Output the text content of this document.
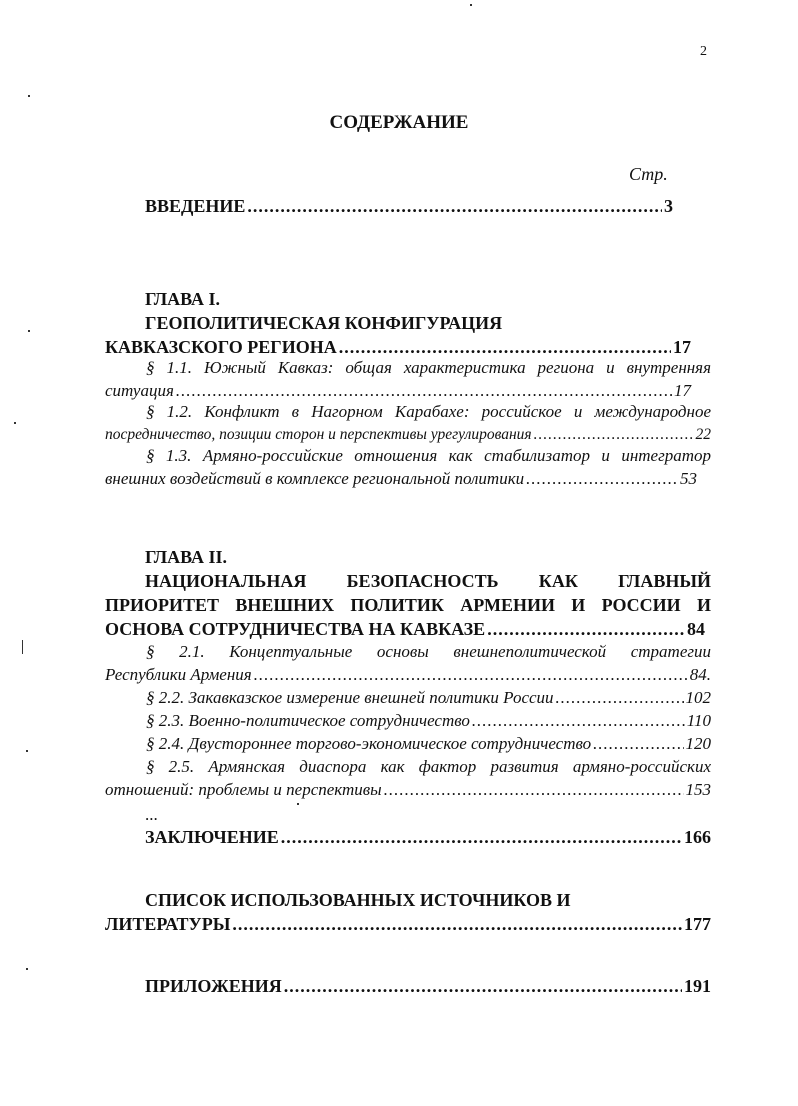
2
СОДЕРЖАНИЕ
Стр.
ВВЕДЕНИЕ .....	3
ГЛАВА I.
ГЕОПОЛИТИЧЕСКАЯ КОНФИГУРАЦИЯ
КАВКАЗСКОГО РЕГИОНА .....	17
§ 1.1. Южный Кавказ: общая характеристика региона и внутренняя
ситуация .....	17
§ 1.2. Конфликт в Нагорном Карабахе: российское и международное
посредничество, позиции сторон и перспективы урегулирования .....	22
§ 1.3. Армяно-российские отношения как стабилизатор и интегратор
внешних воздействий в комплексе региональной политики .....	53
ГЛАВА II.
НАЦИОНАЛЬНАЯ БЕЗОПАСНОСТЬ КАК ГЛАВНЫЙ
ПРИОРИТЕТ ВНЕШНИХ ПОЛИТИК АРМЕНИИ И РОССИИ И
ОСНОВА СОТРУДНИЧЕСТВА НА КАВКАЗЕ .....	84
§ 2.1. Концептуальные основы внешнеполитической стратегии
Республики Армения .....	84.
§ 2.2. Закавказское измерение внешней политики России .....	102
§ 2.3. Военно-политическое сотрудничество .....	110
§ 2.4. Двустороннее торгово-экономическое сотрудничество .....	120
§ 2.5. Армянская диаспора как фактор развития армяно-российских
отношений: проблемы и перспективы .....	153
...
ЗАКЛЮЧЕНИЕ .....	166
СПИСОК ИСПОЛЬЗОВАННЫХ ИСТОЧНИКОВ И
ЛИТЕРАТУРЫ .....	177
ПРИЛОЖЕНИЯ .....	191
